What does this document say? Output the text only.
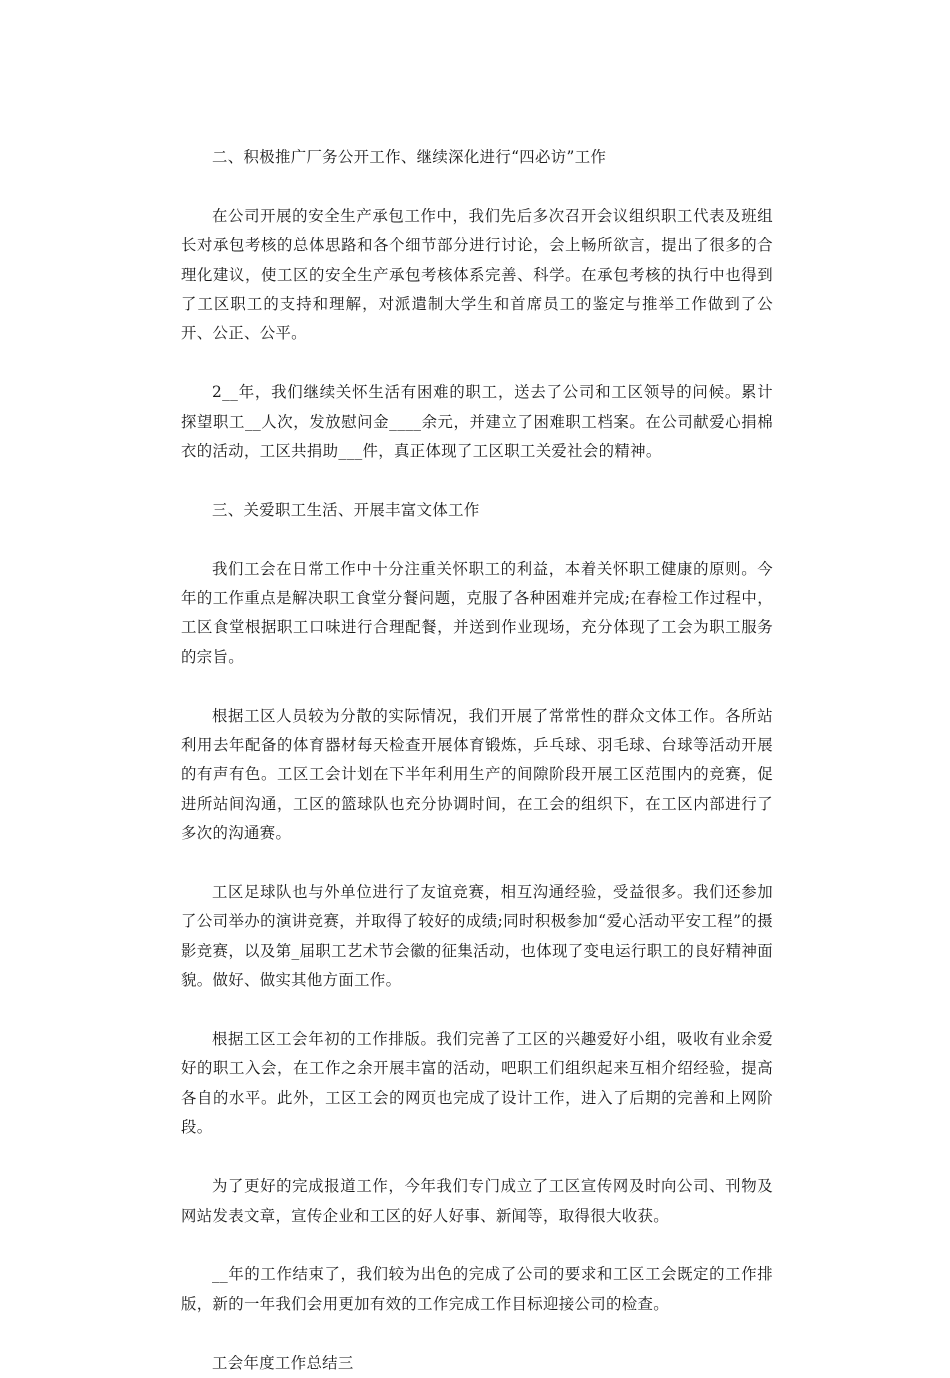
二、积极推广厂务公开工作、继续深化进行“四必访”工作

在公司开展的安全生产承包工作中，我们先后多次召开会议组织职工代表及班组长对承包考核的总体思路和各个细节部分进行讨论，会上畅所欲言，提出了很多的合理化建议，使工区的安全生产承包考核体系完善、科学。在承包考核的执行中也得到了工区职工的支持和理解，对派遣制大学生和首席员工的鉴定与推举工作做到了公开、公正、公平。

2__年，我们继续关怀生活有困难的职工，送去了公司和工区领导的问候。累计探望职工__人次，发放慰问金____余元，并建立了困难职工档案。在公司献爱心捐棉衣的活动，工区共捐助___件，真正体现了工区职工关爱社会的精神。

三、关爱职工生活、开展丰富文体工作

我们工会在日常工作中十分注重关怀职工的利益，本着关怀职工健康的原则。今年的工作重点是解决职工食堂分餐问题，克服了各种困难并完成;在春检工作过程中，工区食堂根据职工口味进行合理配餐，并送到作业现场，充分体现了工会为职工服务的宗旨。

根据工区人员较为分散的实际情况，我们开展了常常性的群众文体工作。各所站利用去年配备的体育器材每天检查开展体育锻炼，乒乓球、羽毛球、台球等活动开展的有声有色。工区工会计划在下半年利用生产的间隙阶段开展工区范围内的竞赛，促进所站间沟通，工区的篮球队也充分协调时间，在工会的组织下，在工区内部进行了多次的沟通赛。

工区足球队也与外单位进行了友谊竞赛，相互沟通经验，受益很多。我们还参加了公司举办的演讲竞赛，并取得了较好的成绩;同时积极参加“爱心活动平安工程”的摄影竞赛，以及第_届职工艺术节会徽的征集活动，也体现了变电运行职工的良好精神面貌。做好、做实其他方面工作。

根据工区工会年初的工作排版。我们完善了工区的兴趣爱好小组，吸收有业余爱好的职工入会，在工作之余开展丰富的活动，吧职工们组织起来互相介绍经验，提高各自的水平。此外，工区工会的网页也完成了设计工作，进入了后期的完善和上网阶段。

为了更好的完成报道工作，今年我们专门成立了工区宣传网及时向公司、刊物及网站发表文章，宣传企业和工区的好人好事、新闻等，取得很大收获。

__年的工作结束了，我们较为出色的完成了公司的要求和工区工会既定的工作排版，新的一年我们会用更加有效的工作完成工作目标迎接公司的检查。

工会年度工作总结三
